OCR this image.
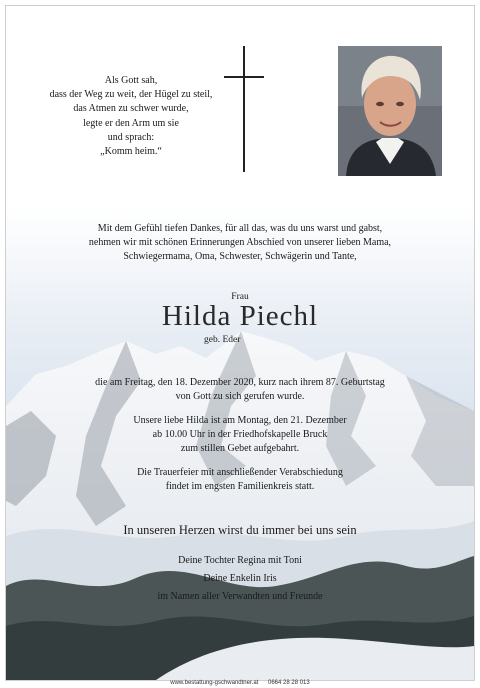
Als Gott sah,
dass der Weg zu weit, der Hügel zu steil,
das Atmen zu schwer wurde,
legte er den Arm um sie
und sprach:
„Komm heim.“
Mit dem Gefühl tiefen Dankes, für all das, was du uns warst und gabst,
nehmen wir mit schönen Erinnerungen Abschied von unserer lieben Mama,
Schwiegermama, Oma, Schwester, Schwägerin und Tante,
Frau
Hilda Piechl
geb. Eder
die am Freitag, den 18. Dezember 2020, kurz nach ihrem 87. Geburtstag
von Gott zu sich gerufen wurde.
Unsere liebe Hilda ist am Montag, den 21. Dezember
ab 10.00 Uhr in der Friedhofskapelle Bruck
zum stillen Gebet aufgebahrt.
Die Trauerfeier mit anschließender Verabschiedung
findet im engsten Familienkreis statt.
In unseren Herzen wirst du immer bei uns sein
Deine Tochter Regina mit Toni
Deine Enkelin Iris
im Namen aller Verwandten und Freunde
www.bestattung-gschwandtner.at 0664 28 28 013
